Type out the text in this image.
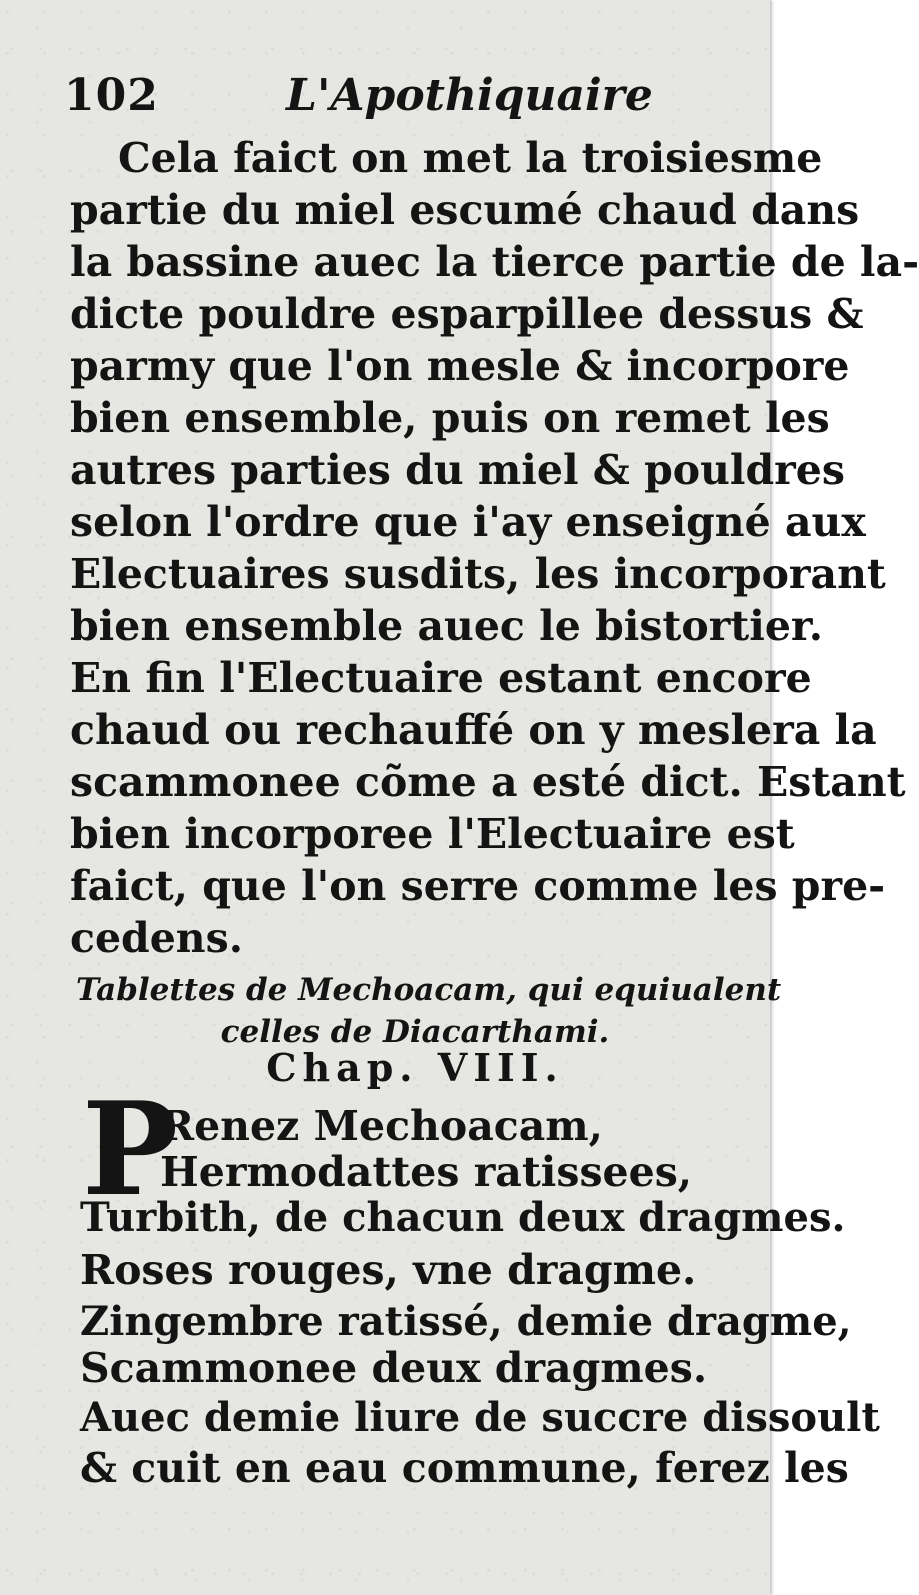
102	L'Apothiquaire

Cela faict on met la troisiesme

partie du miel escumé chaud dans

la bassine auec la tierce partie de la-

dicte pouldre esparpillee dessus &

parmy que l'on mesle & incorpore

bien ensemble, puis on remet les

autres parties du miel & pouldres

selon l'ordre que i'ay enseigné aux

Electuaires susdits, les incorporant

bien ensemble auec le bistortier.

En fin l'Electuaire estant encore

chaud ou rechauffé on y meslera la

scammonee cõme a esté dict. Estant

bien incorporee l'Electuaire est

faict, que l'on serre comme les pre-

cedens.

Tablettes de Mechoacam, qui equiualent

celles de Diacarthami.

Chap. VIII.

P

Renez Mechoacam,

Hermodattes ratissees,

Turbith, de chacun deux dragmes.

Roses rouges, vne dragme.

Zingembre ratissé, demie dragme,

Scammonee deux dragmes.

Auec demie liure de succre dissoult

& cuit en eau commune, ferez les
